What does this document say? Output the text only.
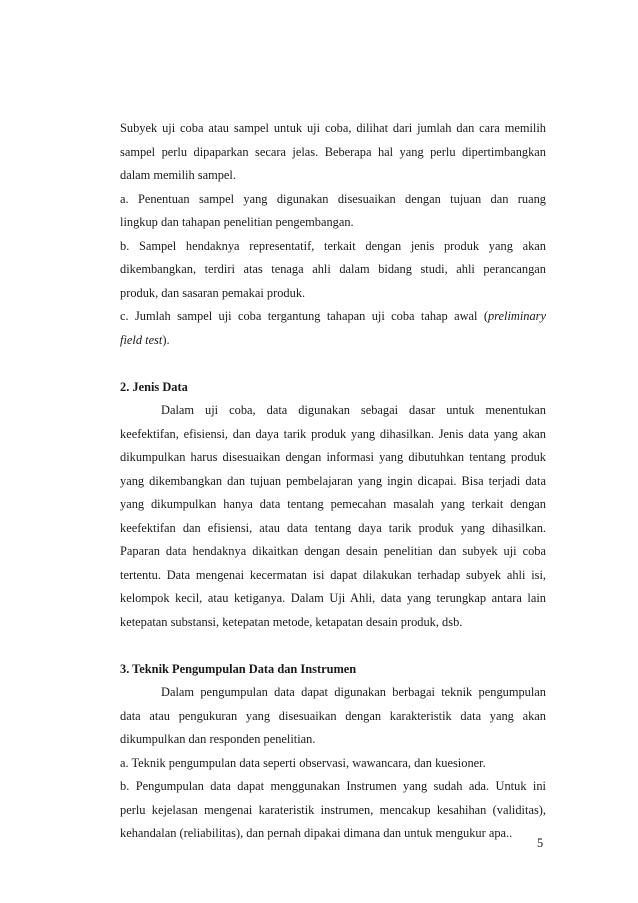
Subyek uji coba atau sampel untuk uji coba, dilihat dari jumlah dan cara memilih
sampel perlu dipaparkan secara jelas. Beberapa hal yang perlu dipertimbangkan
dalam memilih sampel.
a. Penentuan sampel yang digunakan disesuaikan dengan tujuan dan ruang
lingkup dan tahapan penelitian pengembangan.
b. Sampel hendaknya representatif, terkait dengan jenis produk yang akan
dikembangkan, terdiri atas tenaga ahli dalam bidang studi, ahli perancangan
produk, dan sasaran pemakai produk.
c. Jumlah sampel uji coba tergantung tahapan uji coba tahap awal (preliminary
field test).
2. Jenis Data
Dalam uji coba, data digunakan sebagai dasar untuk menentukan
keefektifan, efisiensi, dan daya tarik produk yang dihasilkan. Jenis data yang akan
dikumpulkan harus disesuaikan dengan informasi yang dibutuhkan tentang produk
yang dikembangkan dan tujuan pembelajaran yang ingin dicapai. Bisa terjadi data
yang dikumpulkan hanya data tentang pemecahan masalah yang terkait dengan
keefektifan dan efisiensi, atau data tentang daya tarik produk yang dihasilkan.
Paparan data hendaknya dikaitkan dengan desain penelitian dan subyek uji coba
tertentu. Data mengenai kecermatan isi dapat dilakukan terhadap subyek ahli isi,
kelompok kecil, atau ketiganya. Dalam Uji Ahli, data yang terungkap antara lain
ketepatan substansi, ketepatan metode, ketapatan desain produk, dsb.
3. Teknik Pengumpulan Data dan Instrumen
Dalam pengumpulan data dapat digunakan berbagai teknik pengumpulan
data atau pengukuran yang disesuaikan dengan karakteristik data yang akan
dikumpulkan dan responden penelitian.
a. Teknik pengumpulan data seperti observasi, wawancara, dan kuesioner.
b. Pengumpulan data dapat menggunakan Instrumen yang sudah ada. Untuk ini
perlu kejelasan mengenai karateristik instrumen, mencakup kesahihan (validitas),
kehandalan (reliabilitas), dan pernah dipakai dimana dan untuk mengukur apa..
5
